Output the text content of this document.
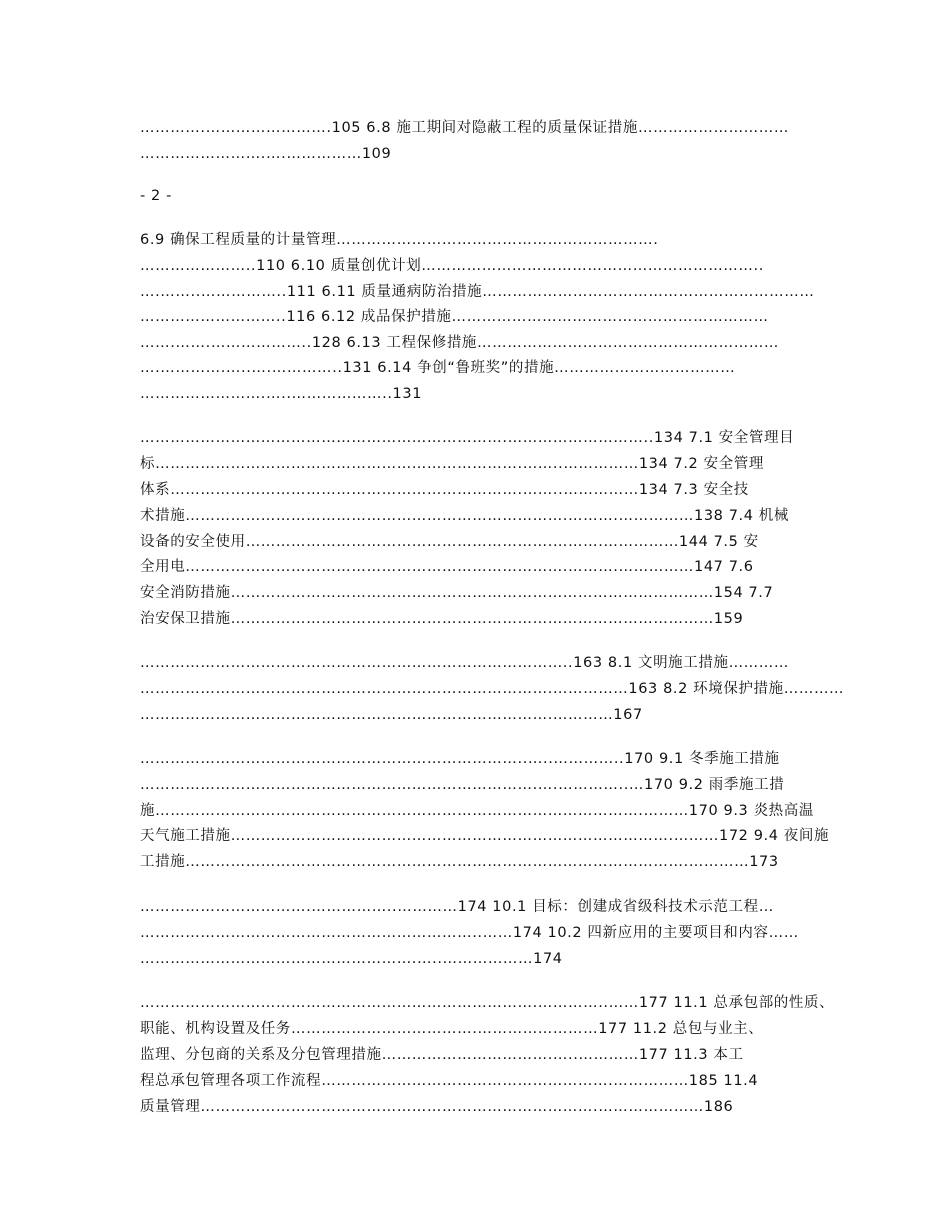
………….…………………….105 6.8 施工期间对隐蔽工程的质量保证措施…………………………
…………………….….……………109
- 2 -
6.9 确保工程质量的计量管理……………………………………………………….
…………………..110 6.10 质量创优计划…………………………………………………………..
….……..……………..111 6.11 质量通病防治措施…………………………………………………………
………………………..116 6.12 成品保护措施………………………………………………………
…….…….………………..128 6.13 工程保修措施……………………………………………………
….………….…..….…………..131 6.14 争创“鲁班奖”的措施………………………………
…………………….…..………………..131
……………………………………………………………….………………………..134 7.1 安全管理目
标……………………………………………………………….……..……………134 7.2 安全管理
体系…………………………………………………………….……..……………134 7.3 安全技
术措施………………………………………………………………….……….……………138 7.4 机械
设备的安全使用…………………………………………………….……….……………144 7.5 安
全用电………………………………………………………………….……….……………147 7.6
安全消防措施……………………………………………………………………………………154 7.7
治安保卫措施……………………………………………………………………………………159
…………………………………………………………………………..163 8.1 文明施工措施…………
……………………………………………………………………….……………163 8.2 环境保护措施…………
……………………………………………………………………….…………167
…………………………………………………………………..…..…………..170 9.1 冬季施工措施
…………………………………………………………………….….…………..…170 9.2 雨季施工措
施…………………………………………………………………………………….………170 9.3 炎热高温
天气施工措施…………………………………………………………………………….………172 9.4 夜间施
工措施……………………………………………………………………………………….…………173
…………………………….……………..…………174 10.1 目标：创建成省级科技术示范工程…
…………………………………………………………..……174 10.2 四新应用的主要项目和内容……
……………………………………………….…..………………174
…………………………………………………………………….…………..……177 11.1 总承包部的性质、
职能、机构设置及任务……………………………….……………………177 11.2 总包与业主、
监理、分包商的关系及分包管理措施…………………………….…..…………177 11.3 本工
程总承包管理各项工作流程………………………………………………….……………185 11.4
质量管理…………………………………………………………………….…………………186
